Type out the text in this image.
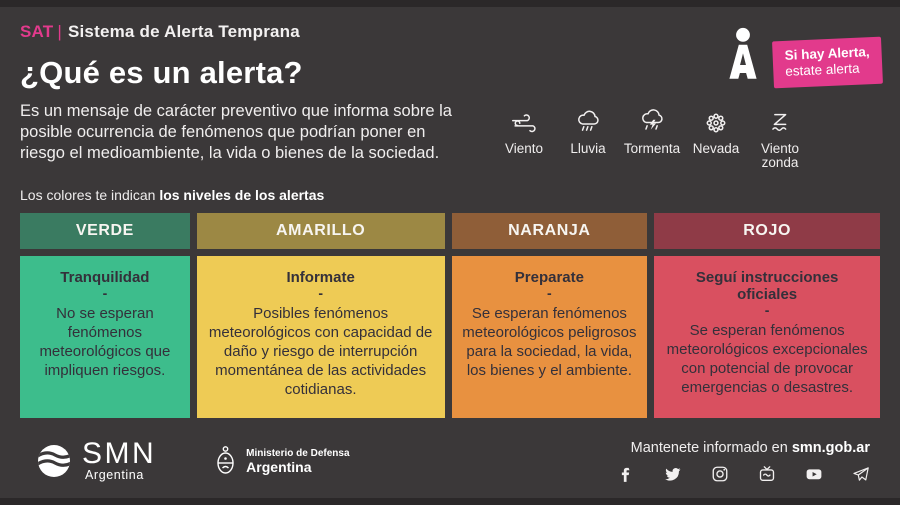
SAT | Sistema de Alerta Temprana
Si hay Alerta,
estate alerta
¿Qué es un alerta?

Es un mensaje de carácter preventivo que informa sobre la posible ocurrencia de fenómenos que podrían poner en riesgo el medioambiente, la vida o bienes de la sociedad.	Viento Lluvia Tormenta Nevada	Viento zonda
Los colores te indican los niveles de los alertas
VERDE
Tranquilidad
-
No se esperan fenómenos meteorológicos que impliquen riesgos.
AMARILLO
Informate
-
Posibles fenómenos meteorológicos con capacidad de daño y riesgo de interrupción momentánea de las actividades cotidianas.
NARANJA
Preparate
-
Se esperan fenómenos meteorológicos peligrosos para la sociedad, la vida, los bienes y el ambiente.
ROJO
Seguí instrucciones oficiales
-
Se esperan fenómenos meteorológicos excepcionales con potencial de provocar emergencias o desastres.
SMN
Argentina
Ministerio de Defensa
Argentina
Mantenete informado en smn.gob.ar
